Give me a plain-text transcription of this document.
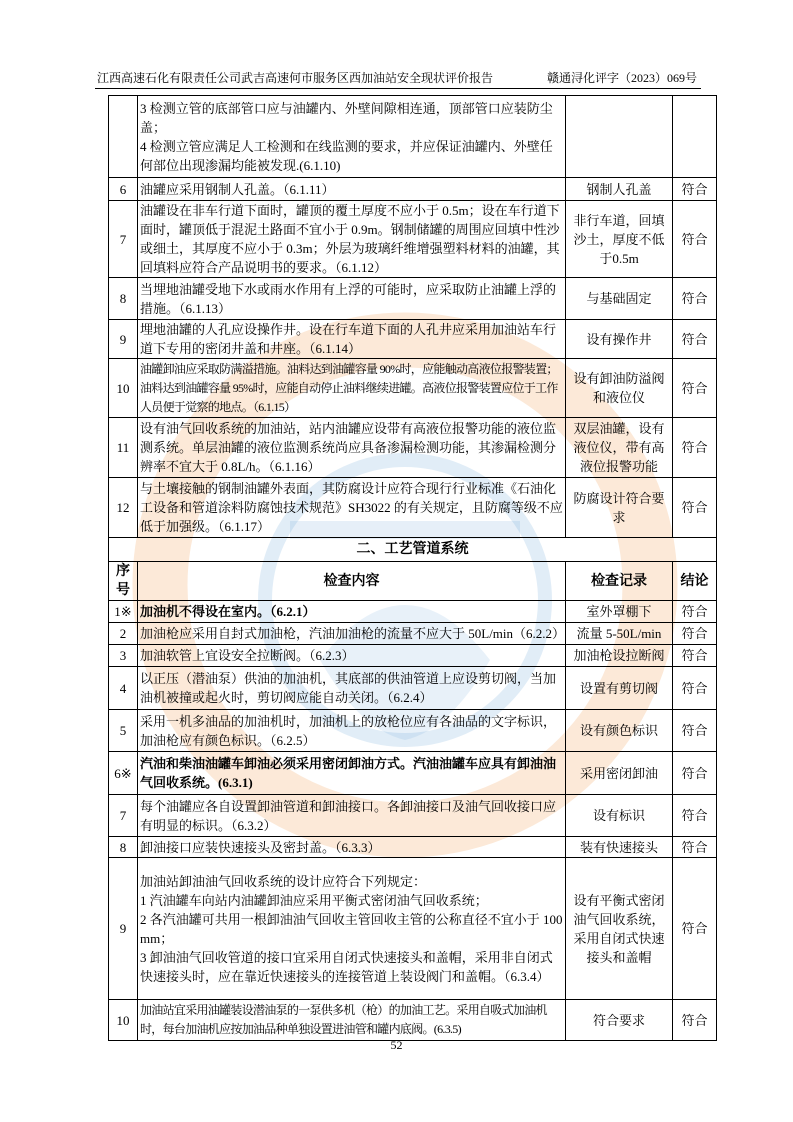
江西高速石化有限责任公司武吉高速何市服务区西加油站安全现状评价报告	赣通浔化评字（2023）069号

	3 检测立管的底部管口应与油罐内、外壁间隙相连通，顶部管口应装防尘盖；
4 检测立管应满足人工检测和在线监测的要求，并应保证油罐内、外壁任何部位出现渗漏均能被发现.(6.1.10)		

6	油罐应采用钢制人孔盖。（6.1.11）	钢制人孔盖	符合
7	油罐设在非车行道下面时，罐顶的覆土厚度不应小于 0.5m；设在车行道下面时，罐顶低于混泥土路面不宜小于 0.9m。钢制储罐的周围应回填中性沙或细土，其厚度不应小于 0.3m；外层为玻璃纤维增强塑料材料的油罐，其回填料应符合产品说明书的要求。（6.1.12）	非行车道，回填沙土，厚度不低于0.5m	符合
8	当埋地油罐受地下水或雨水作用有上浮的可能时，应采取防止油罐上浮的措施。（6.1.13）	与基础固定	符合
9	埋地油罐的人孔应设操作井。设在行车道下面的人孔井应采用加油站车行道下专用的密闭井盖和井座。（6.1.14）	设有操作井	符合
10	油罐卸油应采取防满溢措施。油料达到油罐容量 90%时，应能触动高液位报警装置；油料达到油罐容量 95%时，应能自动停止油料继续进罐。高液位报警装置应位于工作人员便于觉察的地点。（6.1.15）	设有卸油防溢阀和液位仪	符合
11	设有油气回收系统的加油站，站内油罐应设带有高液位报警功能的液位监测系统。单层油罐的液位监测系统尚应具备渗漏检测功能，其渗漏检测分辨率不宜大于 0.8L/h。（6.1.16）	双层油罐，设有液位仪，带有高液位报警功能	符合
12	与土壤接触的钢制油罐外表面，其防腐设计应符合现行行业标准《石油化工设备和管道涂料防腐蚀技术规范》SH3022 的有关规定，且防腐等级不应低于加强级。（6.1.17）	防腐设计符合要求	符合
二、工艺管道系统			
序号	检查内容	检查记录	结论
1※	加油机不得设在室内。（6.2.1）	室外罩棚下	符合
2	加油枪应采用自封式加油枪，汽油加油枪的流量不应大于 50L/min（6.2.2）	流量 5-50L/min	符合
3	加油软管上宜设安全拉断阀。（6.2.3）	加油枪设拉断阀	符合
4	以正压（潜油泵）供油的加油机，其底部的供油管道上应设剪切阀，当加油机被撞或起火时，剪切阀应能自动关闭。（6.2.4）	设置有剪切阀	符合
5	采用一机多油品的加油机时，加油机上的放枪位应有各油品的文字标识，加油枪应有颜色标识。（6.2.5）	设有颜色标识	符合
6※	汽油和柴油油罐车卸油必须采用密闭卸油方式。汽油油罐车应具有卸油油气回收系统。(6.3.1)	采用密闭卸油	符合
7	每个油罐应各自设置卸油管道和卸油接口。各卸油接口及油气回收接口应有明显的标识。（6.3.2）	设有标识	符合
8	卸油接口应装快速接头及密封盖。（6.3.3）	装有快速接头	符合
9	加油站卸油油气回收系统的设计应符合下列规定：
1 汽油罐车向站内油罐卸油应采用平衡式密闭油气回收系统；
2 各汽油罐可共用一根卸油油气回收主管回收主管的公称直径不宜小于 100mm；
3 卸油油气回收管道的接口宜采用自闭式快速接头和盖帽，采用非自闭式快速接头时，应在靠近快速接头的连接管道上装设阀门和盖帽。（6.3.4）	设有平衡式密闭油气回收系统，采用自闭式快速接头和盖帽	符合
10	加油站宜采用油罐装设潜油泵的一泵供多机（枪）的加油工艺。采用自吸式加油机时，每台加油机应按加油品种单独设置进油管和罐内底阀。(6.3.5)	符合要求	符合
52
